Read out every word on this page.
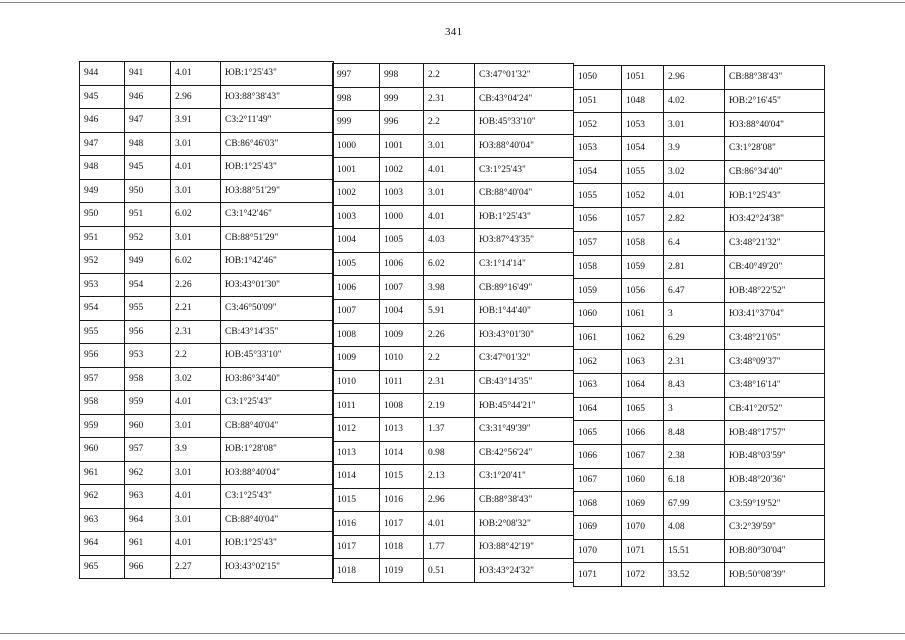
341
944	941	4.01	ЮВ:1°25'43"
945	946	2.96	ЮЗ:88°38'43"
946	947	3.91	СЗ:2°11'49"
947	948	3.01	СВ:86°46'03"
948	945	4.01	ЮВ:1°25'43"
949	950	3.01	ЮЗ:88°51'29"
950	951	6.02	СЗ:1°42'46"
951	952	3.01	СВ:88°51'29"
952	949	6.02	ЮВ:1°42'46"
953	954	2.26	ЮЗ:43°01'30"
954	955	2.21	СЗ:46°50'09"
955	956	2.31	СВ:43°14'35"
956	953	2.2	ЮВ:45°33'10"
957	958	3.02	ЮЗ:86°34'40"
958	959	4.01	СЗ:1°25'43"
959	960	3.01	СВ:88°40'04"
960	957	3.9	ЮВ:1°28'08"
961	962	3.01	ЮЗ:88°40'04"
962	963	4.01	СЗ:1°25'43"
963	964	3.01	СВ:88°40'04"
964	961	4.01	ЮВ:1°25'43"
965	966	2.27	ЮЗ:43°02'15"
997	998	2.2	СЗ:47°01'32"
998	999	2.31	СВ:43°04'24"
999	996	2.2	ЮВ:45°33'10"
1000	1001	3.01	ЮЗ:88°40'04"
1001	1002	4.01	СЗ:1°25'43"
1002	1003	3.01	СВ:88°40'04"
1003	1000	4.01	ЮВ:1°25'43"
1004	1005	4.03	ЮЗ:87°43'35"
1005	1006	6.02	СЗ:1°14'14"
1006	1007	3.98	СВ:89°16'49"
1007	1004	5.91	ЮВ:1°44'40"
1008	1009	2.26	ЮЗ:43°01'30"
1009	1010	2.2	СЗ:47°01'32"
1010	1011	2.31	СВ:43°14'35"
1011	1008	2.19	ЮВ:45°44'21"
1012	1013	1.37	СЗ:31°49'39"
1013	1014	0.98	СВ:42°56'24"
1014	1015	2.13	СЗ:1°20'41"
1015	1016	2.96	СВ:88°38'43"
1016	1017	4.01	ЮВ:2°08'32"
1017	1018	1.77	ЮЗ:88°42'19"
1018	1019	0.51	ЮЗ:43°24'32"
1050	1051	2.96	СВ:88°38'43"
1051	1048	4.02	ЮВ:2°16'45"
1052	1053	3.01	ЮЗ:88°40'04"
1053	1054	3.9	СЗ:1°28'08"
1054	1055	3.02	СВ:86°34'40"
1055	1052	4.01	ЮВ:1°25'43"
1056	1057	2.82	ЮЗ:42°24'38"
1057	1058	6.4	СЗ:48°21'32"
1058	1059	2.81	СВ:40°49'20"
1059	1056	6.47	ЮВ:48°22'52"
1060	1061	3	ЮЗ:41°37'04"
1061	1062	6.29	СЗ:48°21'05"
1062	1063	2.31	СЗ:48°09'37"
1063	1064	8.43	СЗ:48°16'14"
1064	1065	3	СВ:41°20'52"
1065	1066	8.48	ЮВ:48°17'57"
1066	1067	2.38	ЮВ:48°03'59"
1067	1060	6.18	ЮВ:48°20'36"
1068	1069	67.99	СЗ:59°19'52"
1069	1070	4.08	СЗ:2°39'59"
1070	1071	15.51	ЮВ:80°30'04"
1071	1072	33.52	ЮВ:50°08'39"
